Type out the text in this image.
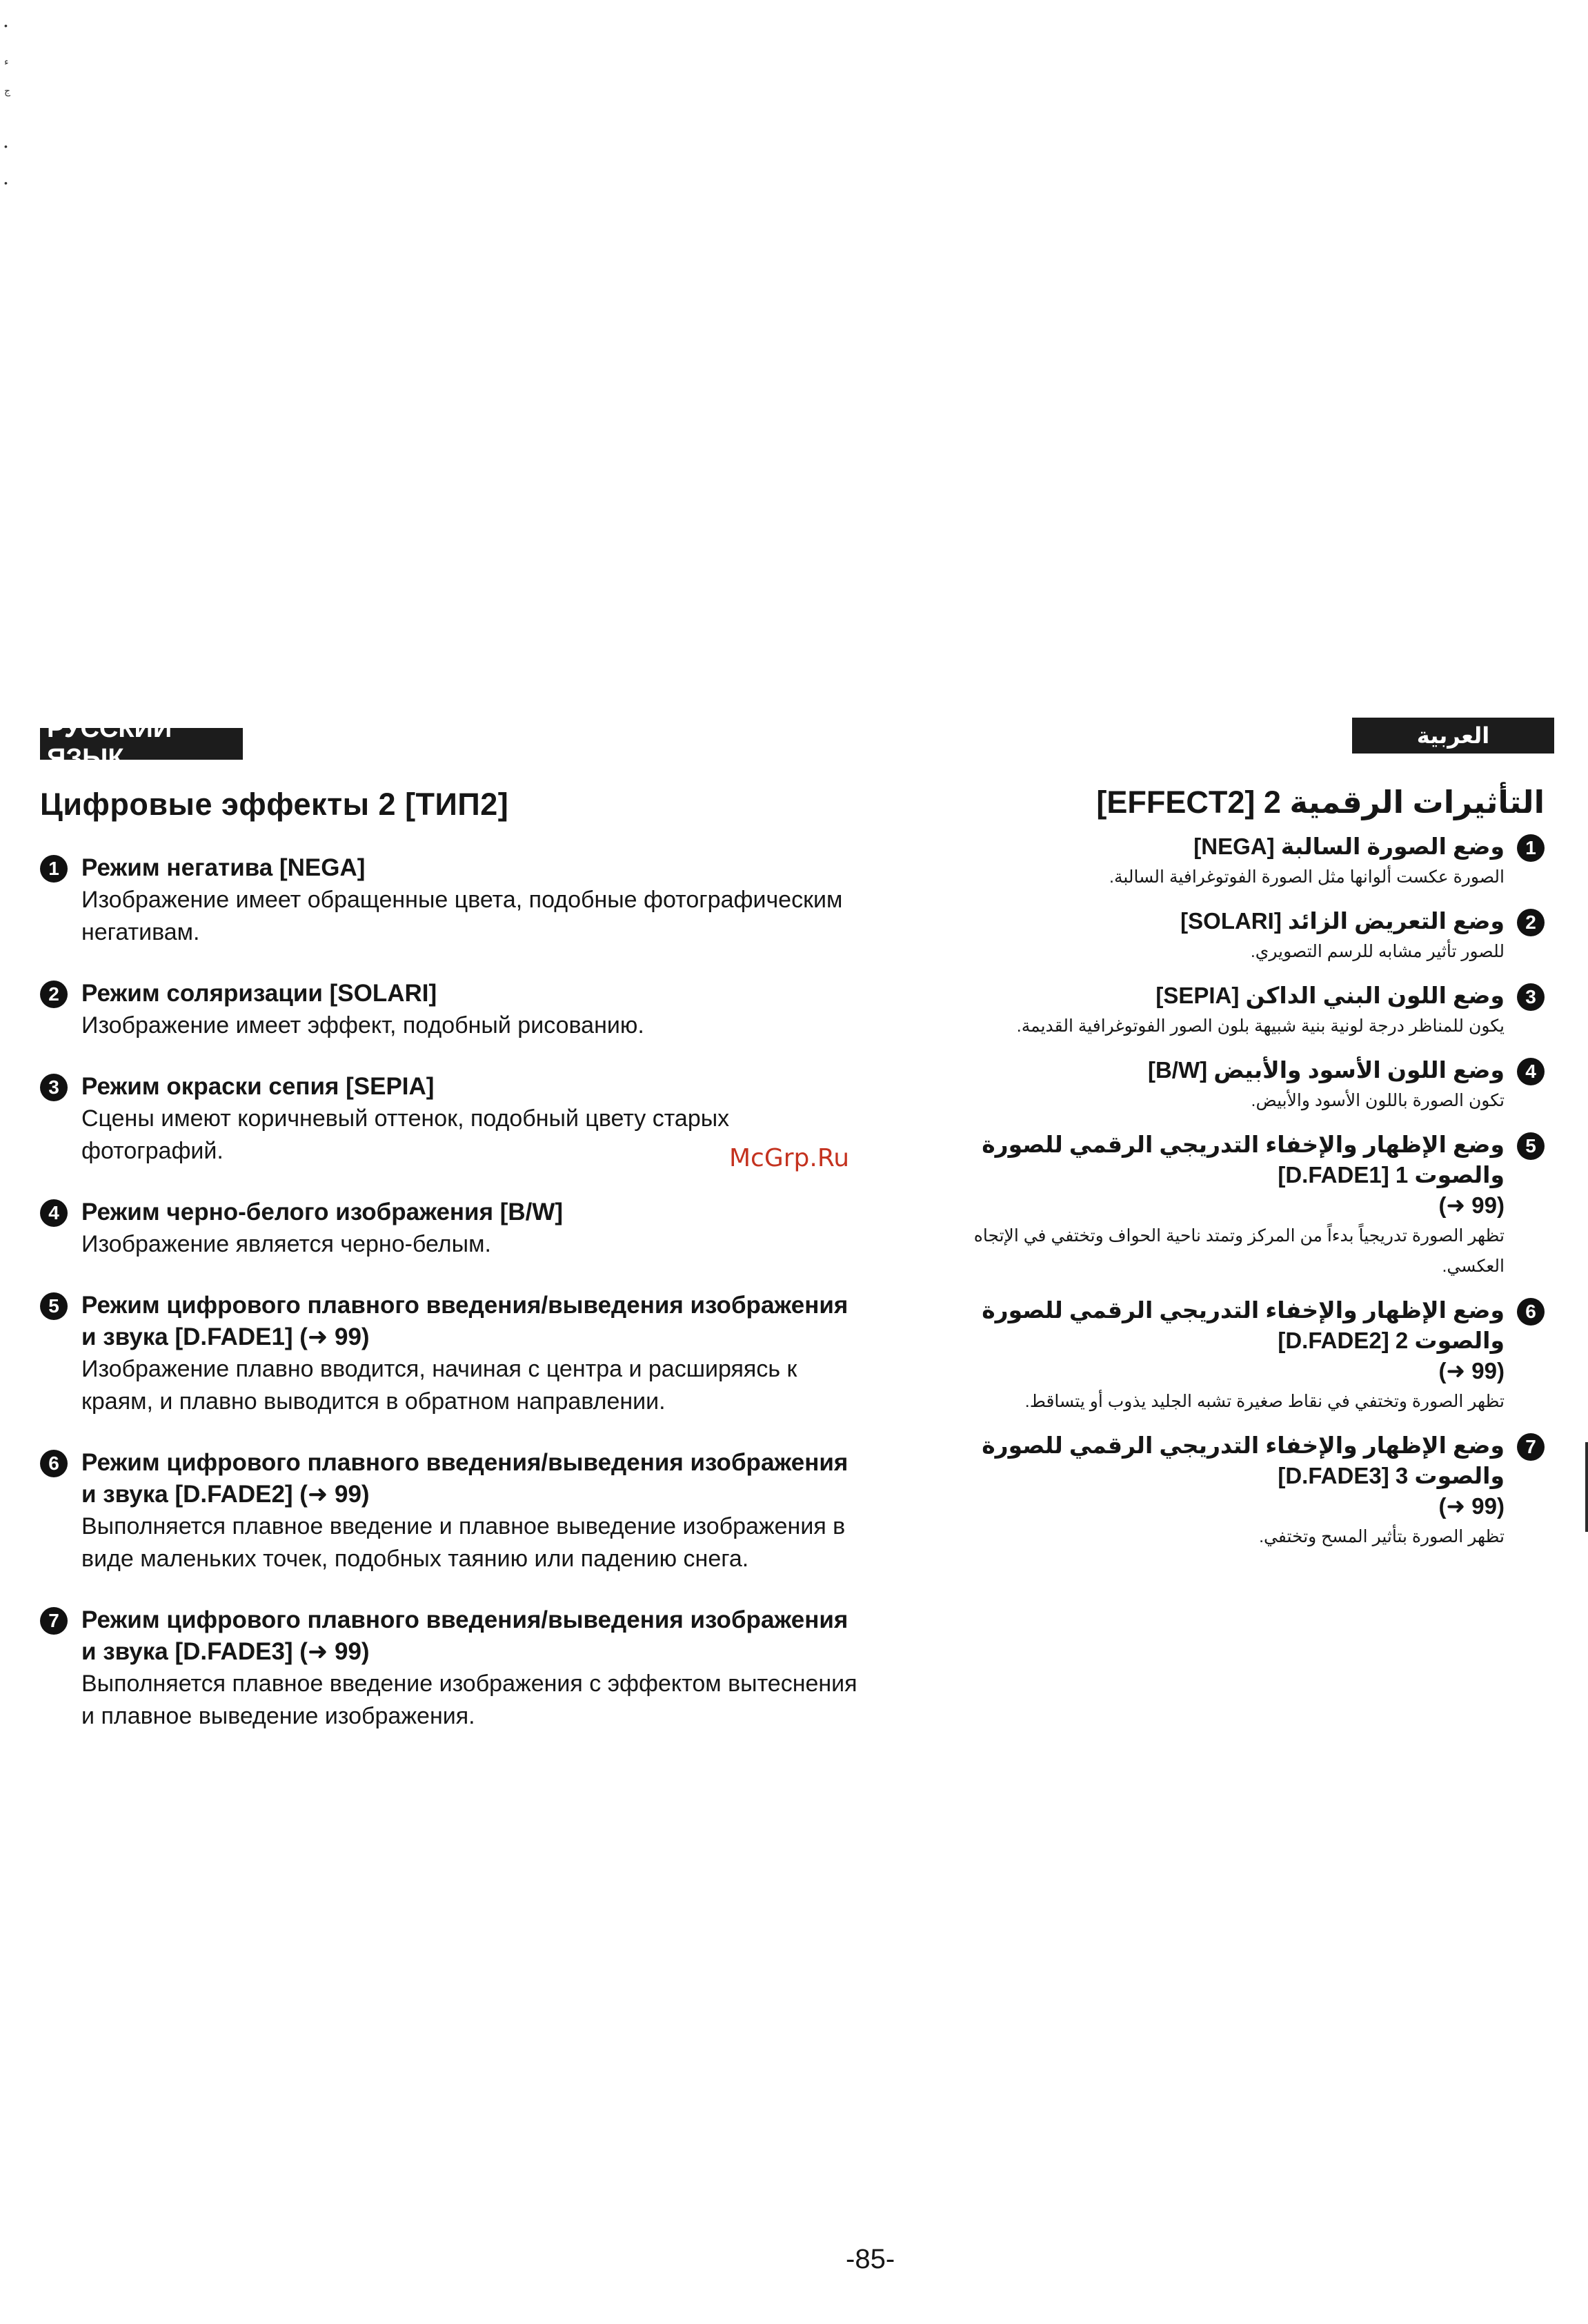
•
ء
ج
•
•
РУССКИЙ ЯЗЫК
العربية
Цифровые эффекты 2 [ТИП2]	التأثيرات الرقمية 2 [EFFECT2]
1 Режим негатива [NEGA]
Изображение имеет обращенные цвета, подобные фотографическим негативам.
2 Режим соляризации [SOLARI]
Изображение имеет эффект, подобный рисованию.
3 Режим окраски сепия [SEPIA]
Сцены имеют коричневый оттенок, подобный цвету старых фотографий.
4 Режим черно-белого изображения [B/W]
Изображение является черно-белым.
5 Режим цифрового плавного введения/выведения изображения и звука [D.FADE1] (➜ 99)
Изображение плавно вводится, начиная с центра и расширяясь к краям, и плавно выводится в обратном направлении.
6 Режим цифрового плавного введения/выведения изображения и звука [D.FADE2] (➜ 99)
Выполняется плавное введение и плавное выведение изображения в виде маленьких точек, подобных таянию или падению снега.
7 Режим цифрового плавного введения/выведения изображения и звука [D.FADE3] (➜ 99)
Выполняется плавное введение изображения с эффектом вытеснения и плавное выведение изображения.
1
وضع الصورة السالبة [NEGA]
الصورة عكست ألوانها مثل الصورة الفوتوغرافية السالبة.
2
وضع التعريض الزائد [SOLARI]
للصور تأثير مشابه للرسم التصويري.
3
وضع اللون البني الداكن [SEPIA]
يكون للمناظر درجة لونية بنية شبيهة بلون الصور الفوتوغرافية القديمة.
4
وضع اللون الأسود والأبيض [B/W]
تكون الصورة باللون الأسود والأبيض.
5
وضع الإظهار والإخفاء التدريجي الرقمي للصورة والصوت 1 [D.FADE1]
(➜ 99)
تظهر الصورة تدريجياً بدءاً من المركز وتمتد ناحية الحواف وتختفي في الإتجاه العكسي.
6
وضع الإظهار والإخفاء التدريجي الرقمي للصورة والصوت 2 [D.FADE2]
(➜ 99)
تظهر الصورة وتختفي في نقاط صغيرة تشبه الجليد يذوب أو يتساقط.
7
وضع الإظهار والإخفاء التدريجي الرقمي للصورة والصوت 3 [D.FADE3]
(➜ 99)
تظهر الصورة بتأثير المسح وتختفي.
McGrp.Ru
-85-
